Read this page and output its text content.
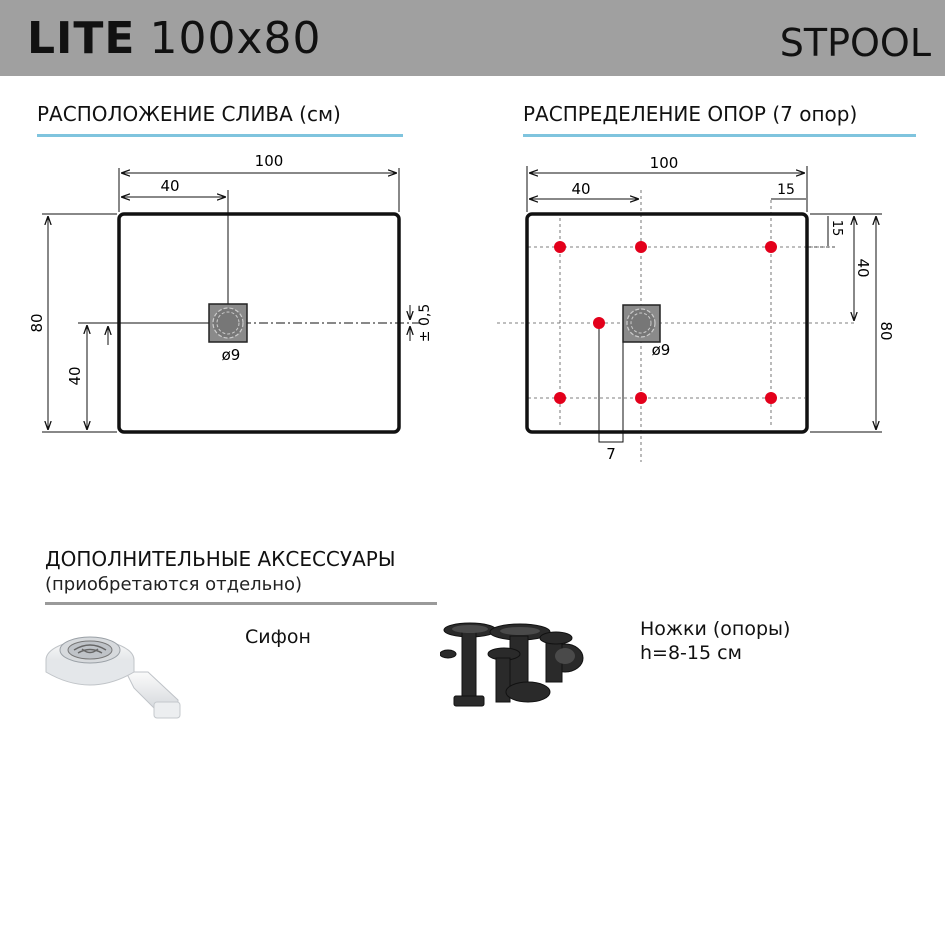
LITE 100x80	STPOOL
РАСПОЛОЖЕНИЕ СЛИВА (см)	РАСПРЕДЕЛЕНИЕ ОПОР (7 опор)
100
40
80
40
ø9
± 0,5
100
40	15
15
40
80
7
ø9
ДОПОЛНИТЕЛЬНЫЕ АКСЕССУАРЫ
(приобретаются отдельно)
Сифон	Ножки (опоры)
h=8-15 см
